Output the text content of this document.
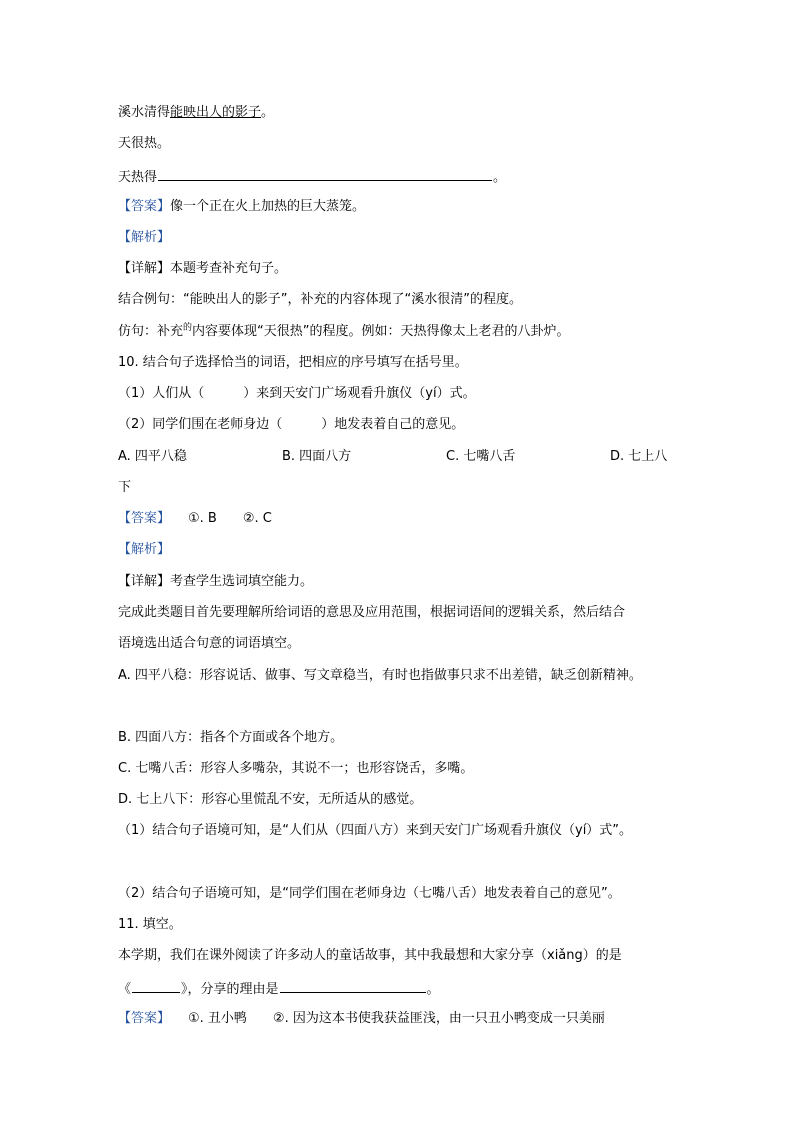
溪水清得能映出人的影子。
天很热。
天热得	。
【答案】像一个正在火上加热的巨大蒸笼。
【解析】
【详解】本题考查补充句子。
结合例句：“能映出人的影子”，补充的内容体现了“溪水很清”的程度。
仿句：补充$^的$内容要体现“天很热”的程度。例如：天热得像太上老君的八卦炉。
10. 结合句子选择恰当的词语，把相应的序号填写在括号里。
（1）人们从（　　　）来到天安门广场观看升旗仪（yí）式。
（2）同学们围在老师身边（　　　）地发表着自己的意见。
A. 四平八稳	B. 四面八方	C. 七嘴八舌	D. 七上八
下
【答案】 ①. B　　②. C
【解析】
【详解】考查学生选词填空能力。
完成此类题目首先要理解所给词语的意思及应用范围，根据词语间的逻辑关系，然后结合
语境选出适合句意的词语填空。
A. 四平八稳：形容说话、做事、写文章稳当，有时也指做事只求不出差错，缺乏创新精神。
B. 四面八方：指各个方面或各个地方。
C. 七嘴八舌：形容人多嘴杂，其说不一；也形容饶舌，多嘴。
D. 七上八下：形容心里慌乱不安，无所适从的感觉。
（1）结合句子语境可知，是“人们从（四面八方）来到天安门广场观看升旗仪（yí）式”。
（2）结合句子语境可知，是“同学们围在老师身边（七嘴八舌）地发表着自己的意见”。
11. 填空。
本学期，我们在课外阅读了许多动人的童话故事，其中我最想和大家分享（xiǎng）的是
《	》，分享的理由是	。
【答案】 ①. 丑小鸭　　②. 因为这本书使我获益匪浅，由一只丑小鸭变成一只美丽
